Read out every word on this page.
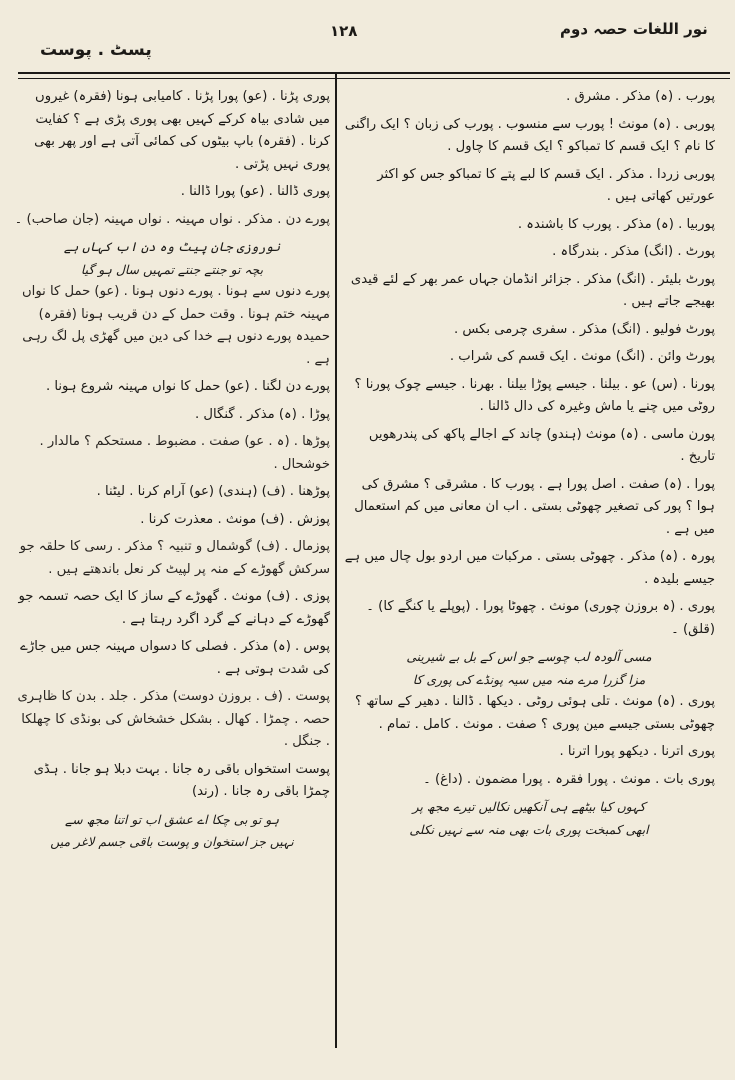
پسٹ . پوست
۱۲۸	نور اللغات حصہ دوم
پورب . (ہ) مذکر . مشرق .
پوربی . (ہ) مونث ! پورب سے منسوب . پورب کی زبان ؟ ایک راگنی کا نام ؟ ایک قسم کا تمباکو ؟ ایک قسم کا چاول .
پوربی زردا . مذکر . ایک قسم کا لبے پتے کا تمباکو جس کو اکثر عورتیں کھاتی ہیں .
پوربیا . (ہ) مذکر . پورب کا باشندہ .
پورٹ . (انگ) مذکر . بندرگاہ .
پورٹ بلیئر . (انگ) مذکر . جزائر انڈمان جہاں عمر بھر کے لئے قیدی بھیجے جاتے ہیں .
پورٹ فولیو . (انگ) مذکر . سفری چرمی بکس .
پورٹ وائن . (انگ) مونث . ایک قسم کی شراب .
پورنا . (س) عو . بیلنا . جیسے پوڑا بیلنا . بھرنا . جیسے چوک پورنا ؟ روٹی میں چنے یا ماش وغیرہ کی دال ڈالنا .
پورن ماسی . (ہ) مونث (ہندو) چاند کے اجالے پاکھ کی پندرھویں تاریخ .
پورا . (ہ) صفت . اصل پورا ہے . پورب کا . مشرقی ؟ مشرق کی ہوا ؟ پور کی تصغیر چھوٹی بستی . اب ان معانی میں کم استعمال میں ہے .
پورہ . (ہ) مذکر . چھوٹی بستی . مرکبات میں اردو بول چال میں ہے جیسے بلیدہ .
پوری . (ہ بروزن چوری) مونث . چھوٹا پورا . (پوپلے یا کنگے کا) ۔ (قلق) ۔
مسی آلودہ لب چوسے جو اس کے بل بے شیرینی
مزا گزرا مرے منہ میں سیہ پونڈے کی پوری کا
پوری . (ہ) مونث . تلی ہوئی روٹی . دیکھا . ڈالنا . دھیر کے ساتھ ؟ چھوٹی بستی جیسے مین پوری ؟ صفت . مونث . کامل . تمام .
پوری اترنا . دیکھو پورا اترنا .
پوری بات . مونث . پورا فقرہ . پورا مضمون . (داغ) ۔
کہوں کیا بیٹھے ہی آنکھیں نکالیں تیرے مجھ پر
ابھی کمبخت پوری بات بھی منہ سے نہیں نکلی
پوری پڑنا . (عو) پورا پڑنا . کامیابی ہونا (فقرہ) غیروں میں شادی بیاہ کرکے کہیں بھی پوری پڑی ہے ؟ کفایت کرنا . (فقرہ) باپ بیٹوں کی کمائی آتی ہے اور پھر بھی پوری نہیں پڑتی .
پوری ڈالنا . (عو) پورا ڈالنا .
پورے دن . مذکر . نواں مہینہ . نواں مہینہ (جان صاحب) ۔
نوروزی جان پیٹ وہ دن اب کہاں ہے
بچہ تو جنتے جنتے تمہیں سال ہو گیا
پورے دنوں سے ہونا . پورے دنوں ہونا . (عو) حمل کا نواں مہینہ ختم ہونا . وقت حمل کے دن قریب ہونا (فقرہ) حمیدہ پورے دنوں ہے خدا کی دین میں گھڑی پل لگ رہی ہے .
پورے دن لگنا . (عو) حمل کا نواں مہینہ شروع ہونا .
پوڑا . (ہ) مذکر . گنگال .
پوڑھا . (ہ . عو) صفت . مضبوط . مستحکم ؟ مالدار . خوشحال .
پوڑھنا . (ف) (ہندی) (عو) آرام کرنا . لیٹنا .
پوزش . (ف) مونث . معذرت کرنا .
پوزمال . (ف) گوشمال و تنبیہ ؟ مذکر . رسی کا حلقہ جو سرکش گھوڑے کے منہ پر لپیٹ کر نعل باندھتے ہیں .
پوزی . (ف) مونث . گھوڑے کے ساز کا ایک حصہ تسمہ جو گھوڑے کے دہانے کے گرد اگرد رہتا ہے .
پوس . (ہ) مذکر . فصلی کا دسواں مہینہ جس میں جاڑے کی شدت ہوتی ہے .
پوست . (ف . بروزن دوست) مذکر . جلد . بدن کا ظاہری حصہ . چمڑا . کھال . بشکل خشخاش کی بونڈی کا چھلکا . جنگل .
پوست استخواں باقی رہ جانا . بہت دبلا ہو جانا . ہڈی چمڑا باقی رہ جانا . (رند)
ہو تو بی چکا اے عشق اب تو اتنا مجھ سے
نہیں جز استخوان و پوست باقی جسم لاغر میں
